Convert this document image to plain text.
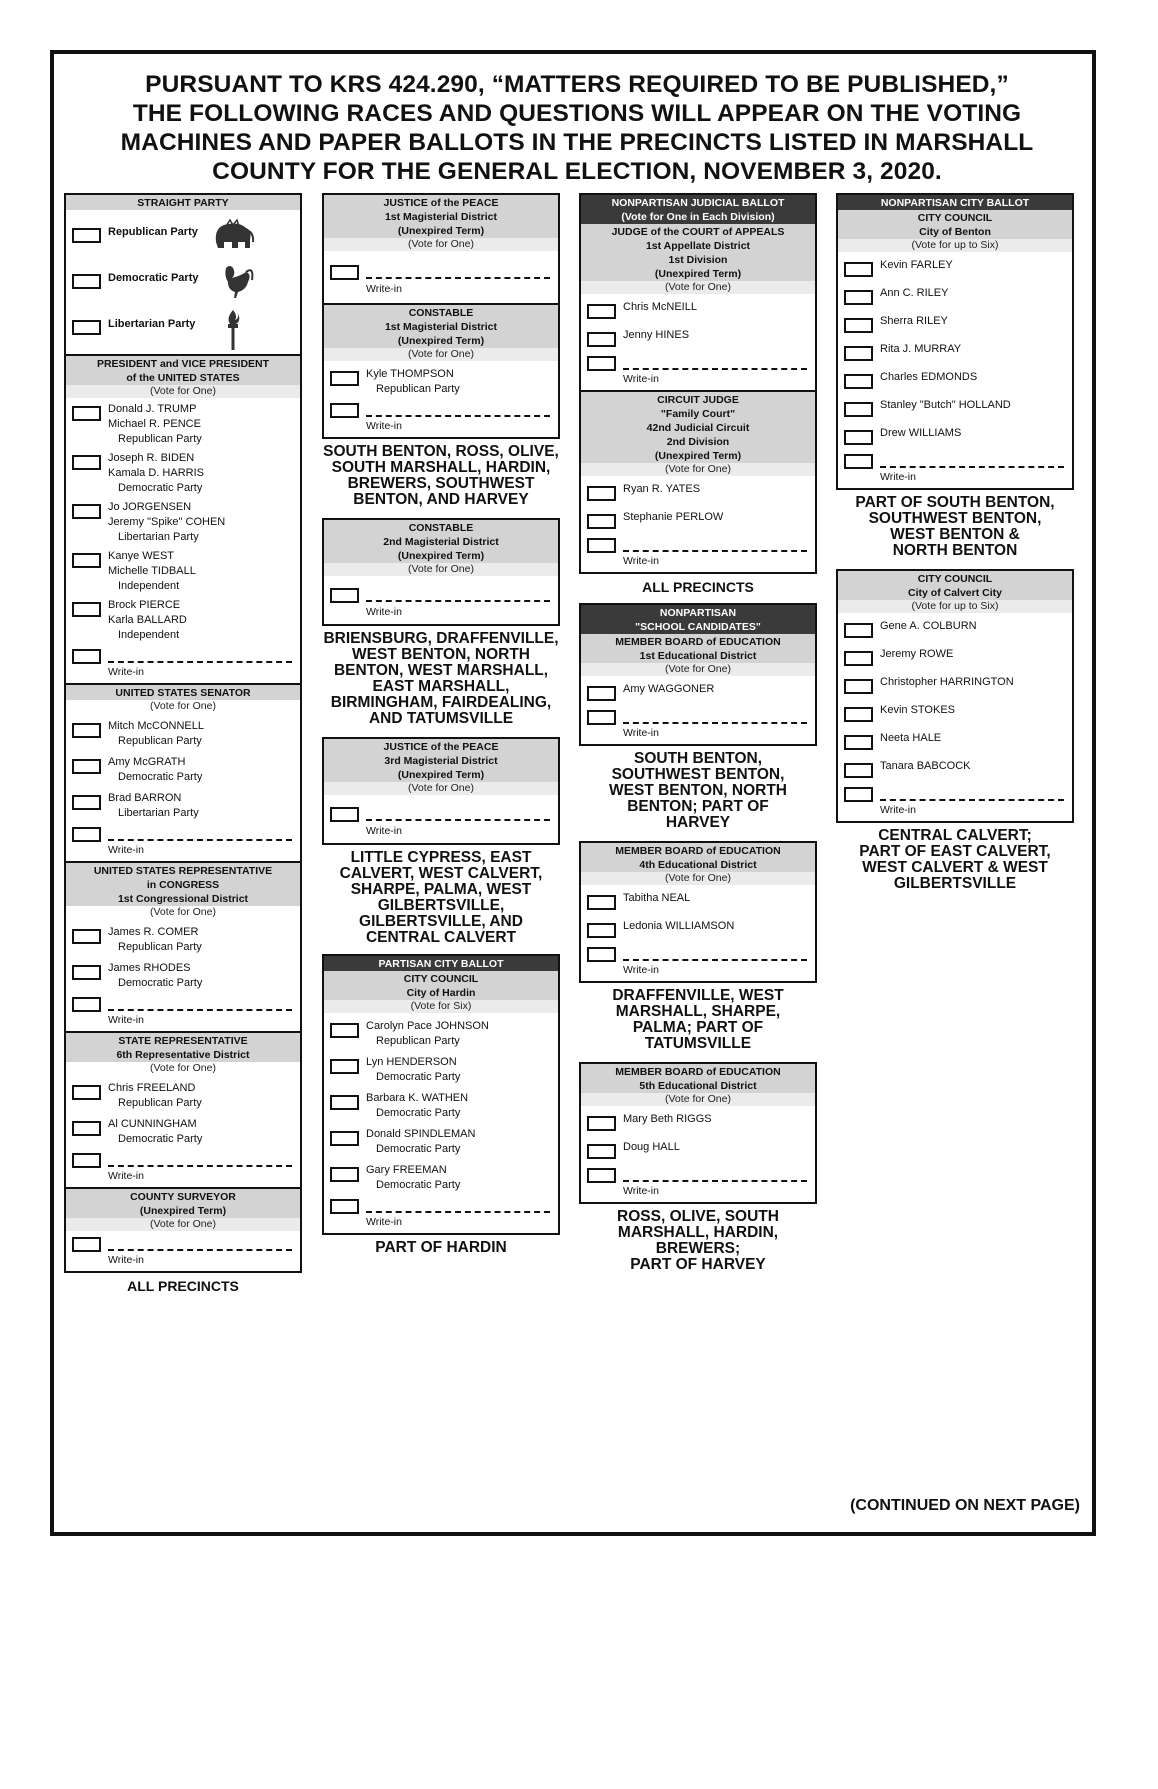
PURSUANT TO KRS 424.290, “MATTERS REQUIRED TO BE PUBLISHED,”
THE FOLLOWING RACES AND QUESTIONS WILL APPEAR ON THE VOTING
MACHINES AND PAPER BALLOTS IN THE PRECINCTS LISTED IN MARSHALL
COUNTY FOR THE GENERAL ELECTION, NOVEMBER 3, 2020.
STRAIGHT PARTY
Republican Party
Democratic Party
Libertarian Party
PRESIDENT and VICE PRESIDENT
of the UNITED STATES
(Vote for One)
Donald J. TRUMP
Michael R. PENCE
Republican Party
Joseph R. BIDEN
Kamala D. HARRIS
Democratic Party
Jo JORGENSEN
Jeremy "Spike" COHEN
Libertarian Party
Kanye WEST
Michelle TIDBALL
Independent
Brock PIERCE
Karla BALLARD
Independent
Write-in
UNITED STATES SENATOR
(Vote for One)
Mitch McCONNELL
Republican Party
Amy McGRATH
Democratic Party
Brad BARRON
Libertarian Party
Write-in
UNITED STATES REPRESENTATIVE
in CONGRESS
1st Congressional District
(Vote for One)
James R. COMER
Republican Party
James RHODES
Democratic Party
Write-in
STATE REPRESENTATIVE
6th Representative District
(Vote for One)
Chris FREELAND
Republican Party
Al CUNNINGHAM
Democratic Party
Write-in
COUNTY SURVEYOR
(Unexpired Term)
(Vote for One)
Write-in
ALL PRECINCTS
JUSTICE of the PEACE
1st Magisterial District
(Unexpired Term)
(Vote for One)
Write-in
CONSTABLE
1st Magisterial District
(Unexpired Term)
(Vote for One)
Kyle THOMPSON
Republican Party
Write-in
SOUTH BENTON, ROSS, OLIVE,
SOUTH MARSHALL, HARDIN,
BREWERS, SOUTHWEST
BENTON, AND HARVEY
CONSTABLE
2nd Magisterial District
(Unexpired Term)
(Vote for One)
Write-in
BRIENSBURG, DRAFFENVILLE,
WEST BENTON, NORTH
BENTON, WEST MARSHALL,
EAST MARSHALL,
BIRMINGHAM, FAIRDEALING,
AND TATUMSVILLE
JUSTICE of the PEACE
3rd Magisterial District
(Unexpired Term)
(Vote for One)
Write-in
LITTLE CYPRESS, EAST
CALVERT, WEST CALVERT,
SHARPE, PALMA, WEST
GILBERTSVILLE,
GILBERTSVILLE, AND
CENTRAL CALVERT
PARTISAN CITY BALLOT
CITY COUNCIL
City of Hardin
(Vote for Six)
Carolyn Pace JOHNSON
Republican Party
Lyn HENDERSON
Democratic Party
Barbara K. WATHEN
Democratic Party
Donald SPINDLEMAN
Democratic Party
Gary FREEMAN
Democratic Party
Write-in
PART OF HARDIN
NONPARTISAN JUDICIAL BALLOT
(Vote for One in Each Division)
JUDGE of the COURT of APPEALS
1st Appellate District
1st Division
(Unexpired Term)
(Vote for One)
Chris McNEILL
Jenny HINES
Write-in
CIRCUIT JUDGE
"Family Court"
42nd Judicial Circuit
2nd Division
(Unexpired Term)
(Vote for One)
Ryan R. YATES
Stephanie PERLOW
Write-in
ALL PRECINCTS
NONPARTISAN
"SCHOOL CANDIDATES"
MEMBER BOARD of EDUCATION
1st Educational District
(Vote for One)
Amy WAGGONER
Write-in
SOUTH BENTON,
SOUTHWEST BENTON,
WEST BENTON, NORTH
BENTON; PART OF
HARVEY
MEMBER BOARD of EDUCATION
4th Educational District
(Vote for One)
Tabitha NEAL
Ledonia WILLIAMSON
Write-in
DRAFFENVILLE, WEST
MARSHALL, SHARPE,
PALMA; PART OF
TATUMSVILLE
MEMBER BOARD of EDUCATION
5th Educational District
(Vote for One)
Mary Beth RIGGS
Doug HALL
Write-in
ROSS, OLIVE, SOUTH
MARSHALL, HARDIN,
BREWERS;
PART OF HARVEY
NONPARTISAN CITY BALLOT
CITY COUNCIL
City of Benton
(Vote for up to Six)
Kevin FARLEY
Ann C. RILEY
Sherra RILEY
Rita J. MURRAY
Charles EDMONDS
Stanley "Butch" HOLLAND
Drew WILLIAMS
Write-in
PART OF SOUTH BENTON,
SOUTHWEST BENTON,
WEST BENTON &
NORTH BENTON
CITY COUNCIL
City of Calvert City
(Vote for up to Six)
Gene A. COLBURN
Jeremy ROWE
Christopher HARRINGTON
Kevin STOKES
Neeta HALE
Tanara BABCOCK
Write-in
CENTRAL CALVERT;
PART OF EAST CALVERT,
WEST CALVERT & WEST
GILBERTSVILLE
(CONTINUED ON NEXT PAGE)
